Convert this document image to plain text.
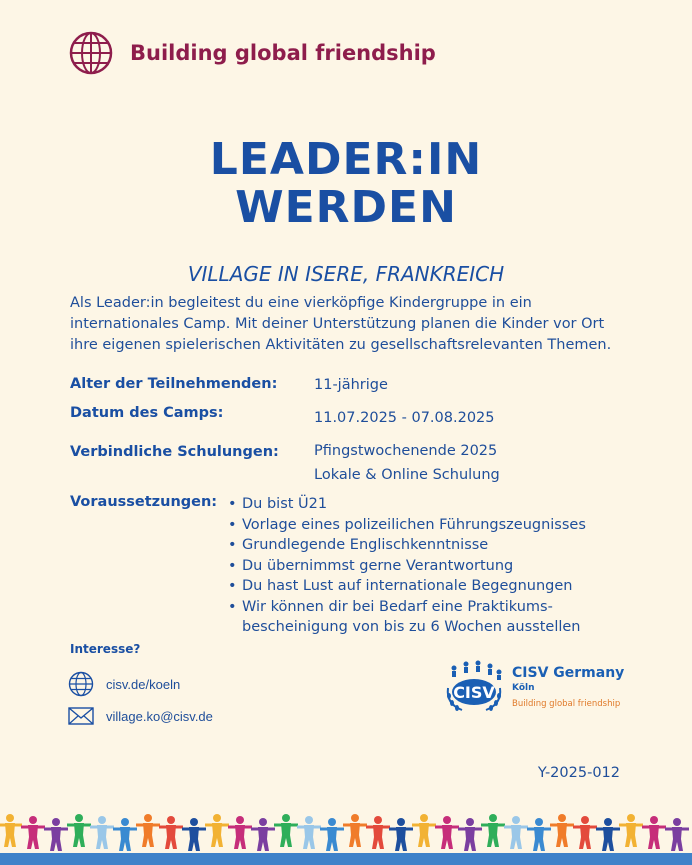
Building global friendship
LEADER:IN
WERDEN
VILLAGE IN ISERE, FRANKREICH
Als Leader:in begleitest du eine vierköpfige Kindergruppe in ein internationales Camp. Mit deiner Unterstützung planen die Kinder vor Ort ihre eigenen spielerischen Aktivitäten zu gesellschaftsrelevanten Themen.
Alter der Teilnehmenden:	11-jährige
Datum des Camps:	11.07.2025 - 07.08.2025
Verbindliche Schulungen:	Pfingstwochenende 2025
Lokale & Online Schulung
Voraussetzungen:
•	Du bist Ü21
• Vorlage eines polizeilichen Führungszeugnisses
• Grundlegende Englischkenntnisse
• Du übernimmst gerne Verantwortung
• Du hast Lust auf internationale Begegnungen
• Wir können dir bei Bedarf eine Praktikums-bescheinigung von bis zu 6 Wochen ausstellen
Interesse?
cisv.de/koeln
village.ko@cisv.de
CISV
CISV Germany
Köln
Building global friendship
Y-2025-012
